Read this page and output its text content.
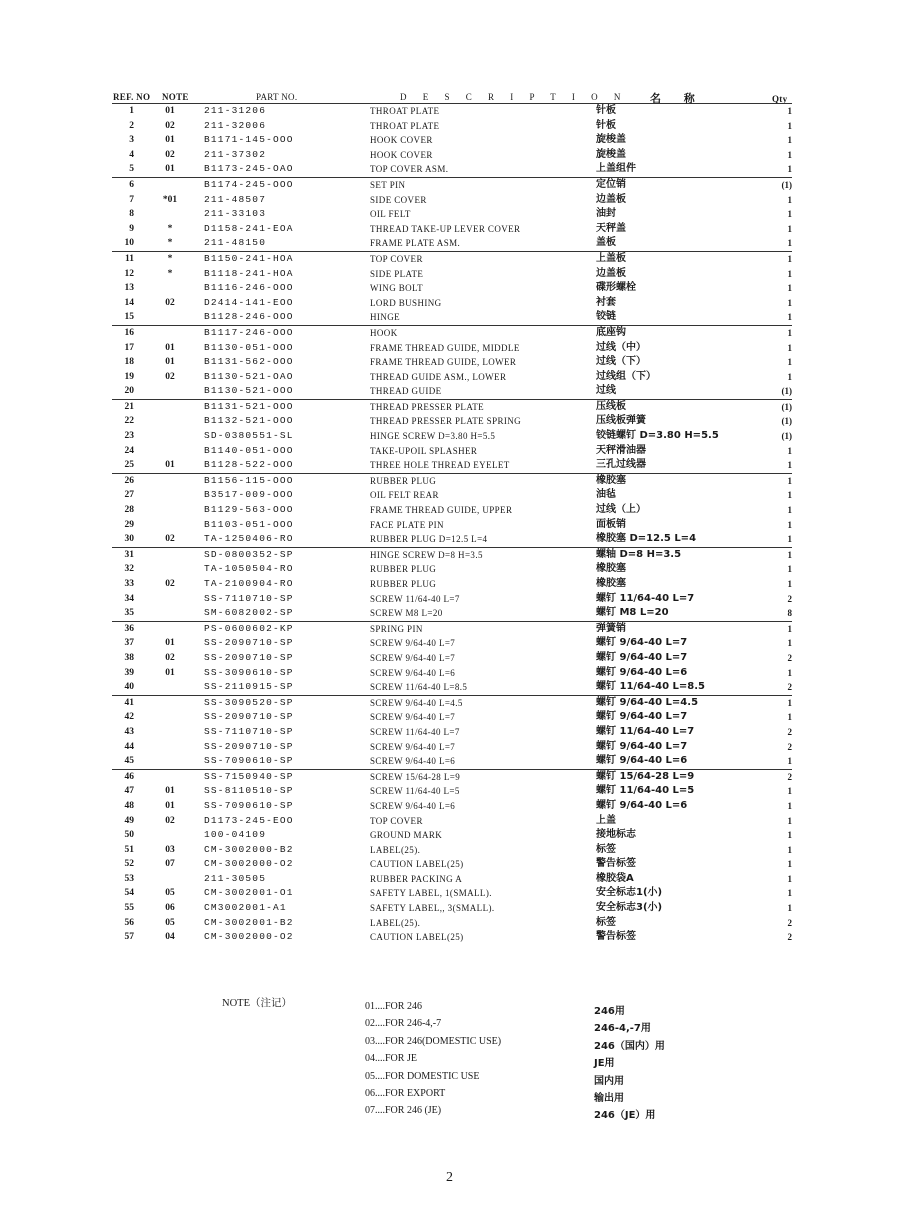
REF. NO NOTE	PART NO.	D E S C R I P T I O N 名 称	Qty
1	01	211-31206	THROAT PLATE	针板	1
2	02	211-32006	THROAT PLATE	针板	1
3	01	B1171-145-OOO	HOOK COVER	旋梭盖	1
4	02	211-37302	HOOK COVER	旋梭盖	1
5	01	B1173-245-OAO	TOP COVER ASM.	上盖组件	1
6	B1174-245-OOO	SET PIN	定位销	(1)
7	*01	211-48507	SIDE COVER	边盖板	1
8	211-33103	OIL FELT	油封	1
9	*	D1158-241-EOA	THREAD TAKE-UP LEVER COVER	天秤盖	1
10	*	211-48150	FRAME PLATE ASM.	盖板	1
11	*	B1150-241-HOA	TOP COVER	上盖板	1
12	*	B1118-241-HOA	SIDE PLATE	边盖板	1
13	B1116-246-OOO	WING BOLT	碟形螺栓	1
14	02	D2414-141-EOO	LORD BUSHING	衬套	1
15	B1128-246-OOO	HINGE	铰链	1
16	B1117-246-OOO	HOOK	底座钩	1
17	01	B1130-051-OOO	FRAME THREAD GUIDE, MIDDLE	过线（中）	1
18	01	B1131-562-OOO	FRAME THREAD GUIDE, LOWER	过线（下）	1
19	02	B1130-521-OAO	THREAD GUIDE ASM., LOWER	过线组（下）	1
20	B1130-521-OOO	THREAD GUIDE	过线	(1)
21	B1131-521-OOO	THREAD PRESSER PLATE	压线板	(1)
22	B1132-521-OOO	THREAD PRESSER PLATE SPRING	压线板弹簧	(1)
23	SD-0380551-SL	HINGE SCREW D=3.80 H=5.5	铰链螺钉 D=3.80 H=5.5	(1)
24	B1140-051-OOO	TAKE-UPOIL SPLASHER	天秤滑油器	1
25	01	B1128-522-OOO	THREE HOLE THREAD EYELET	三孔过线器	1
26	B1156-115-OOO	RUBBER PLUG	橡胶塞	1
27	B3517-009-OOO	OIL FELT REAR	油毡	1
28	B1129-563-OOO	FRAME THREAD GUIDE, UPPER	过线（上）	1
29	B1103-051-OOO	FACE PLATE PIN	面板销	1
30	02	TA-1250406-RO	RUBBER PLUG D=12.5 L=4	橡胶塞 D=12.5 L=4	1
31	SD-0800352-SP	HINGE SCREW D=8 H=3.5	螺轴 D=8 H=3.5	1
32	TA-1050504-RO	RUBBER PLUG	橡胶塞	1
33	02	TA-2100904-RO	RUBBER PLUG	橡胶塞	1
34	SS-7110710-SP	SCREW 11/64-40 L=7	螺钉 11/64-40 L=7	2
35	SM-6082002-SP	SCREW M8 L=20	螺钉 M8 L=20	8
36	PS-0600602-KP	SPRING PIN	弹簧销	1
37	01	SS-2090710-SP	SCREW 9/64-40 L=7	螺钉 9/64-40 L=7	1
38	02	SS-2090710-SP	SCREW 9/64-40 L=7	螺钉 9/64-40 L=7	2
39	01	SS-3090610-SP	SCREW 9/64-40 L=6	螺钉 9/64-40 L=6	1
40	SS-2110915-SP	SCREW 11/64-40 L=8.5	螺钉 11/64-40 L=8.5	2
41	SS-3090520-SP	SCREW 9/64-40 L=4.5	螺钉 9/64-40 L=4.5	1
42	SS-2090710-SP	SCREW 9/64-40 L=7	螺钉 9/64-40 L=7	1
43	SS-7110710-SP	SCREW 11/64-40 L=7	螺钉 11/64-40 L=7	2
44	SS-2090710-SP	SCREW 9/64-40 L=7	螺钉 9/64-40 L=7	2
45	SS-7090610-SP	SCREW 9/64-40 L=6	螺钉 9/64-40 L=6	1
46	SS-7150940-SP	SCREW 15/64-28 L=9	螺钉 15/64-28 L=9	2
47	01	SS-8110510-SP	SCREW 11/64-40 L=5	螺钉 11/64-40 L=5	1
48	01	SS-7090610-SP	SCREW 9/64-40 L=6	螺钉 9/64-40 L=6	1
49	02	D1173-245-EOO	TOP COVER	上盖	1
50	100-04109	GROUND MARK	接地标志	1
51	03	CM-3002000-B2	LABEL(25).	标签	1
52	07	CM-3002000-O2	CAUTION LABEL(25)	警告标签	1
53	211-30505	RUBBER PACKING A	橡胶袋A	1
54	05	CM-3002001-O1	SAFETY LABEL, 1(SMALL).	安全标志1(小)	1
55	06	CM3002001-A1	SAFETY LABEL,, 3(SMALL).	安全标志3(小)	1
56	05	CM-3002001-B2	LABEL(25).	标签	2
57	04	CM-3002000-O2	CAUTION LABEL(25)	警告标签	2
NOTE（注记）	01....FOR 246	246用
02....FOR 246-4,-7	246-4,-7用
03....FOR 246(DOMESTIC USE)	246（国内）用
04....FOR JE	JE用
05....FOR DOMESTIC USE	国内用
06....FOR EXPORT	输出用
07....FOR 246 (JE)	246（JE）用
2
